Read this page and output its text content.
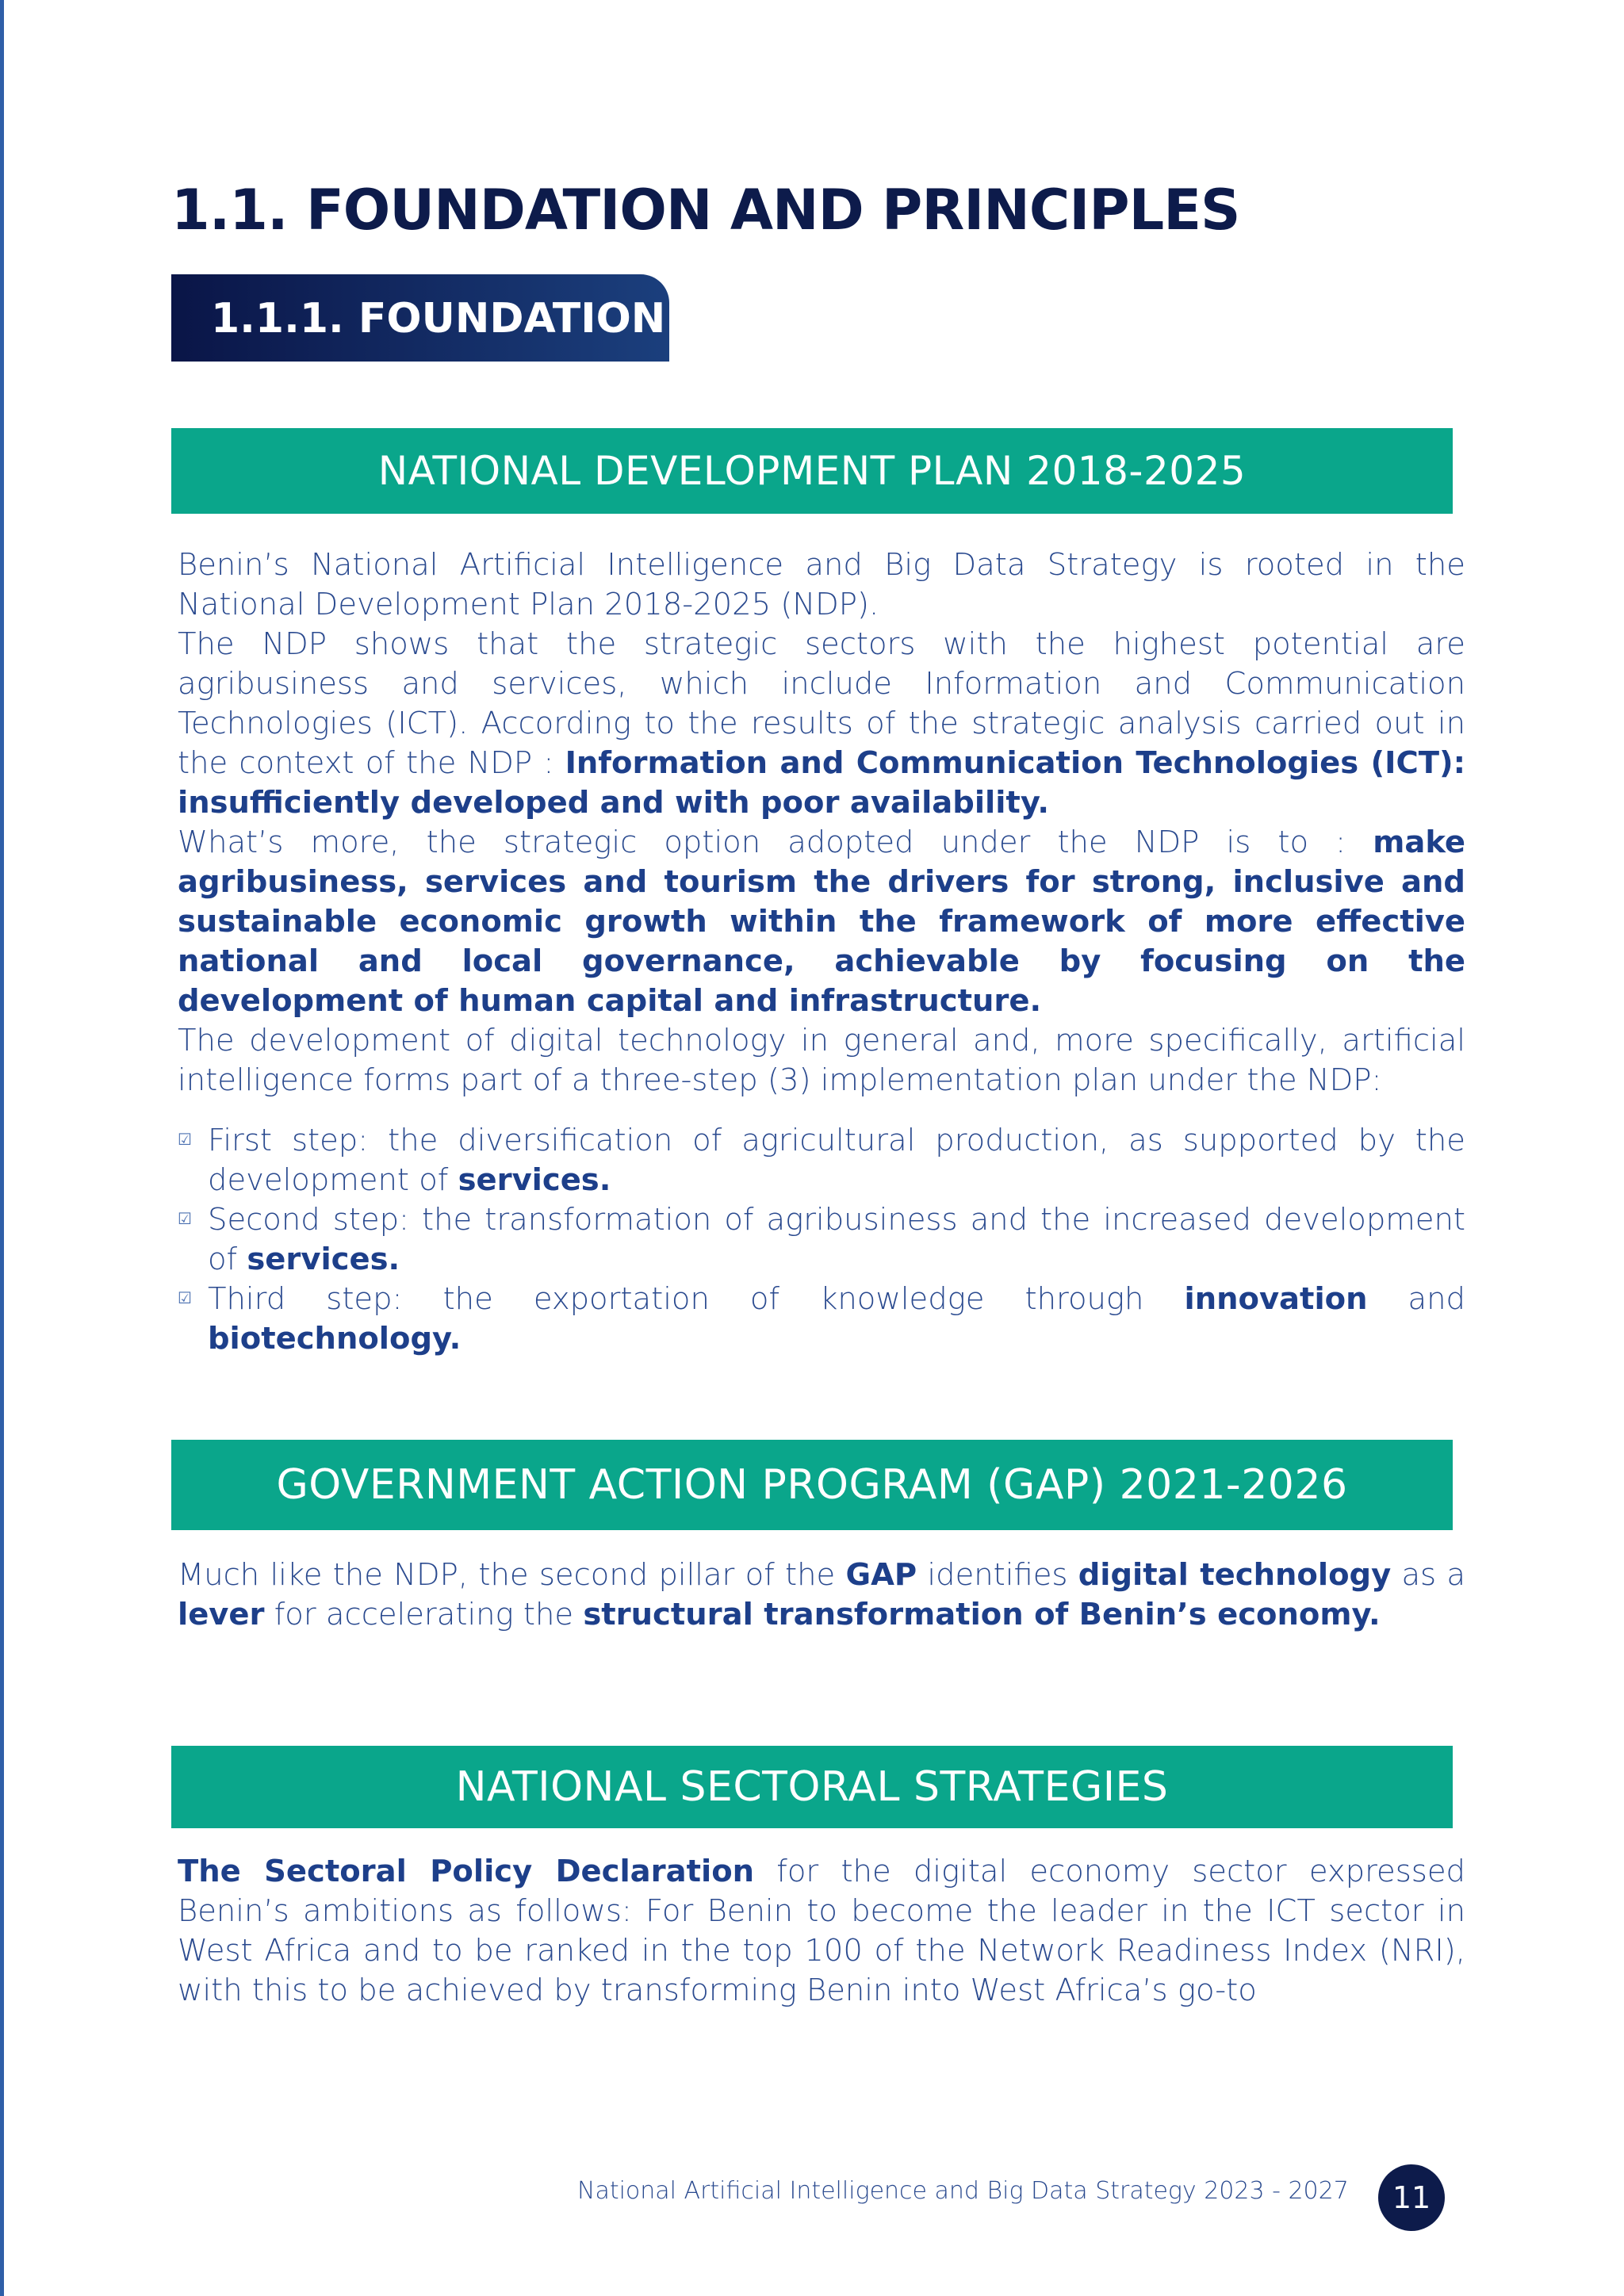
1.1. FOUNDATION AND PRINCIPLES
1.1.1. FOUNDATION
NATIONAL DEVELOPMENT PLAN 2018-2025

Benin’s National Artificial Intelligence and Big Data Strategy is rooted in the National Development Plan 2018-2025 (NDP).

The NDP shows that the strategic sectors with the highest potential are agribusiness and services, which include Information and Communication Technologies (ICT). According to the results of the strategic analysis carried out in the context of the NDP : Information and Communication Technologies (ICT): insufficiently developed and with poor availability.

What’s more, the strategic option adopted under the NDP is to : make agribusiness, services and tourism the drivers for strong, inclusive and sustainable economic growth within the framework of more effective national and local governance, achievable by focusing on the development of human capital and infrastructure.

The development of digital technology in general and, more specifically, artificial intelligence forms part of a three-step (3) implementation plan under the NDP:

☑ First step: the diversification of agricultural production, as supported by the development of services.
☑ Second step: the transformation of agribusiness and the increased development of services.
☑ Third step: the exportation of knowledge through innovation and biotechnology.
GOVERNMENT ACTION PROGRAM (GAP) 2021-2026

Much like the NDP, the second pillar of the GAP identifies digital technology as a lever for accelerating the structural transformation of Benin’s economy.

NATIONAL SECTORAL STRATEGIES

The Sectoral Policy Declaration for the digital economy sector expressed Benin’s ambitions as follows: For Benin to become the leader in the ICT sector in West Africa and to be ranked in the top 100 of the Network Readiness Index (NRI), with this to be achieved by transforming Benin into West Africa’s go-to

National Artificial Intelligence and Big Data Strategy 2023 - 2027	11
